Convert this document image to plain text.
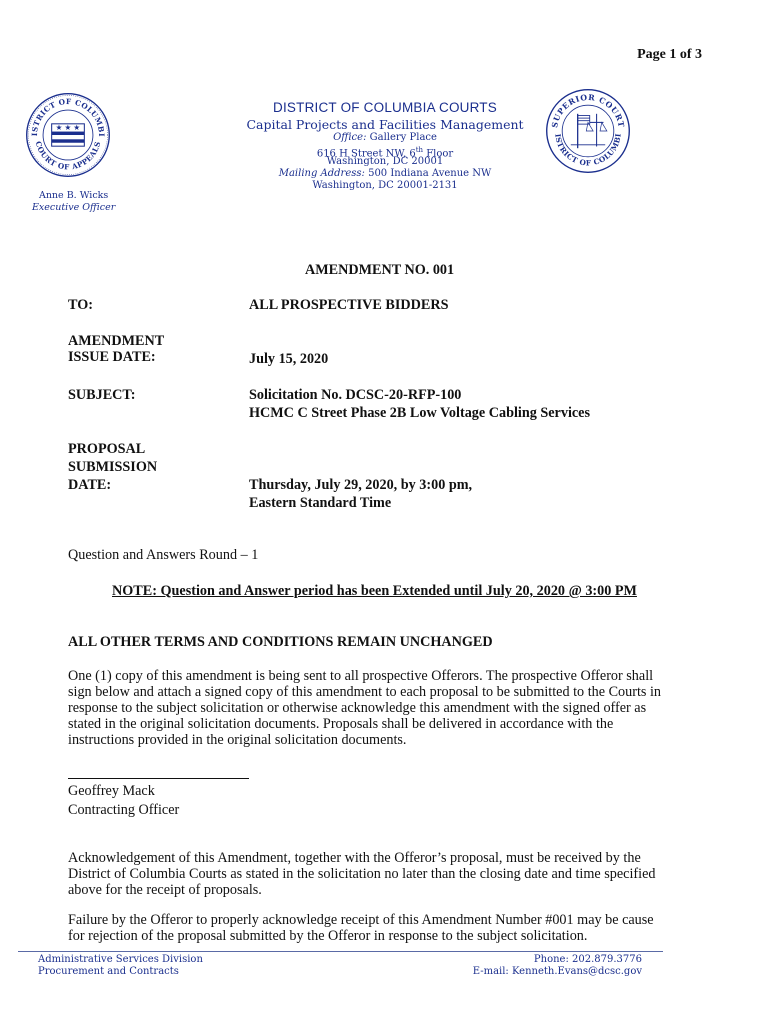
Page 1 of 3
ISTRICT OF COLUMBI
COURT OF APPEALS
★ ★ ★	SUPERIOR COURT
ISTRICT OF COLUMBI
DISTRICT OF COLUMBIA COURTS
Capital Projects and Facilities Management
Office: Gallery Place
616 H Street NW, 6th Floor
Washington, DC 20001
Mailing Address: 500 Indiana Avenue NW
Washington, DC 20001-2131
Anne B. Wicks
Executive Officer
AMENDMENT NO. 001
TO:	ALL PROSPECTIVE BIDDERS
AMENDMENT
ISSUE DATE:	July 15, 2020
SUBJECT:	Solicitation No. DCSC-20-RFP-100
HCMC C Street Phase 2B Low Voltage Cabling Services
PROPOSAL
SUBMISSION
DATE:	Thursday, July 29, 2020, by 3:00 pm,
Eastern Standard Time
Question and Answers Round – 1
NOTE: Question and Answer period has been Extended until July 20, 2020 @ 3:00 PM
ALL OTHER TERMS AND CONDITIONS REMAIN UNCHANGED
One (1) copy of this amendment is being sent to all prospective Offerors. The prospective Offeror shall
sign below and attach a signed copy of this amendment to each proposal to be submitted to the Courts in
response to the subject solicitation or otherwise acknowledge this amendment with the signed offer as
stated in the original solicitation documents. Proposals shall be delivered in accordance with the
instructions provided in the original solicitation documents.
Geoffrey Mack
Contracting Officer
Acknowledgement of this Amendment, together with the Offeror’s proposal, must be received by the
District of Columbia Courts as stated in the solicitation no later than the closing date and time specified
above for the receipt of proposals.
Failure by the Offeror to properly acknowledge receipt of this Amendment Number #001 may be cause
for rejection of the proposal submitted by the Offeror in response to the subject solicitation.
Administrative Services Division
Procurement and Contracts
Phone: 202.879.3776
E-mail: Kenneth.Evans@dcsc.gov
